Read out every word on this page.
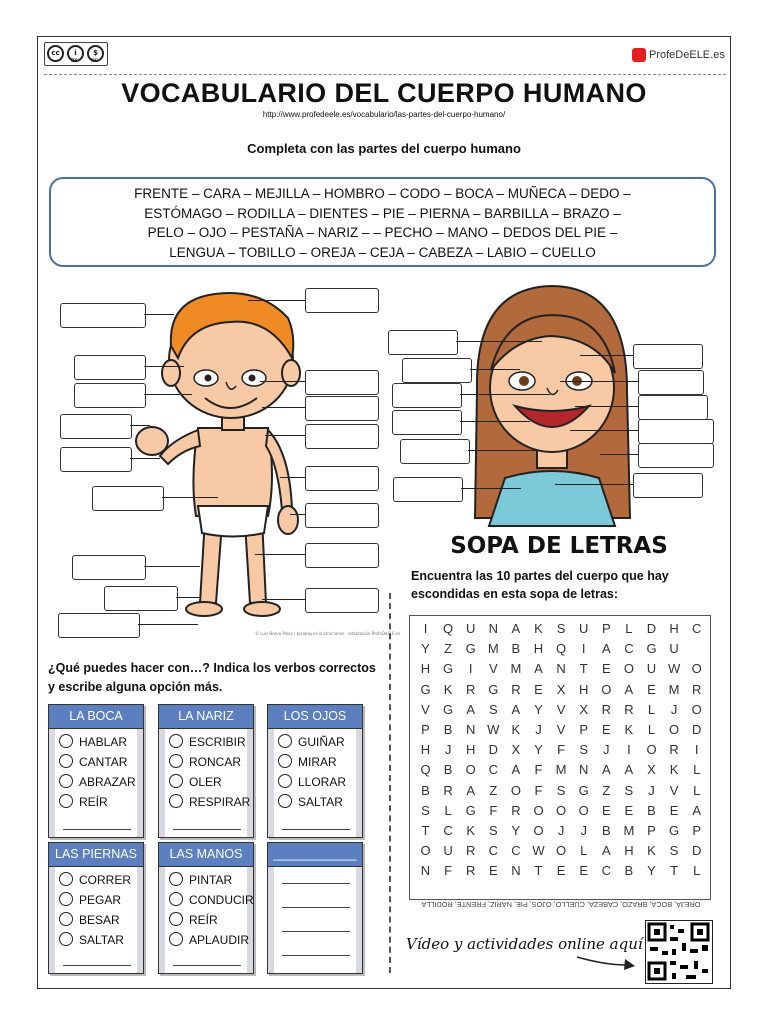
cc	i	$
BY	NC
ProfeDeELE.es
VOCABULARIO DEL CUERPO HUMANO
http://www.profedeele.es/vocabulario/las-partes-del-cuerpo-humano/
Completa con las partes del cuerpo humano
FRENTE – CARA – MEJILLA – HOMBRO – CODO – BOCA – MUÑECA – DEDO –
ESTÓMAGO – RODILLA – DIENTES – PIE – PIERNA – BARBILLA – BRAZO –
PELO – OJO – PESTAÑA – NARIZ – – PECHO – MANO – DEDOS DEL PIE –
LENGUA – TOBILLO – OREJA – CEJA – CABEZA – LABIO – CUELLO
© Luis Bravo Palos / pixabay.es ilustraciones · adaptación ProfeDeELE.es
SOPA DE LETRAS
Encuentra las 10 partes del cuerpo que hay escondidas en esta sopa de letras:
I	Q U	N	A	K	S	U	P	L	D	H	C
Y	Z	G M B	H Q	I	A	C G U
H G	I	V M A	N	T	E	O U W O
G	K	R G R	E	X	H O	A	E M R
V	G	A	S	A	Y	V	X	R	R	L	J	O
P	B	N W K	J	V	P	E	K	L	O D
H	J	H	D	X	Y	F	S	J	I	O R	I
Q	B	O C	A	F	M N	A	A	X	K	L
B	R	A	Z	O	F	S	G	Z	S	J	V	L
S	L	G	F	R O O O	E	E	B	E	A
T	C	K	S	Y	O	J	J	B M P	G	P
O U	R	C	C W O	L	A	H	K	S	D
N	F	R	E	N	T	E	E	C	B	Y	T	L
OREJA, BOCA, BRAZO, CABEZA, CUELLO, OJOS, PIE, NARIZ, FRENTE, RODILLA
Vídeo y actividades online aquí
¿Qué puedes hacer con…? Indica los verbos correctos y escribe alguna opción más.
LA BOCA
HABLAR
CANTAR
ABRAZAR
REÍR
LA NARIZ
ESCRIBIR
RONCAR
OLER
RESPIRAR
LOS OJOS
GUIÑAR
MIRAR
LLORAR
SALTAR
LAS PIERNAS
CORRER
PEGAR
BESAR
SALTAR
LAS MANOS
PINTAR
CONDUCIR
REÍR
APLAUDIR
____________
